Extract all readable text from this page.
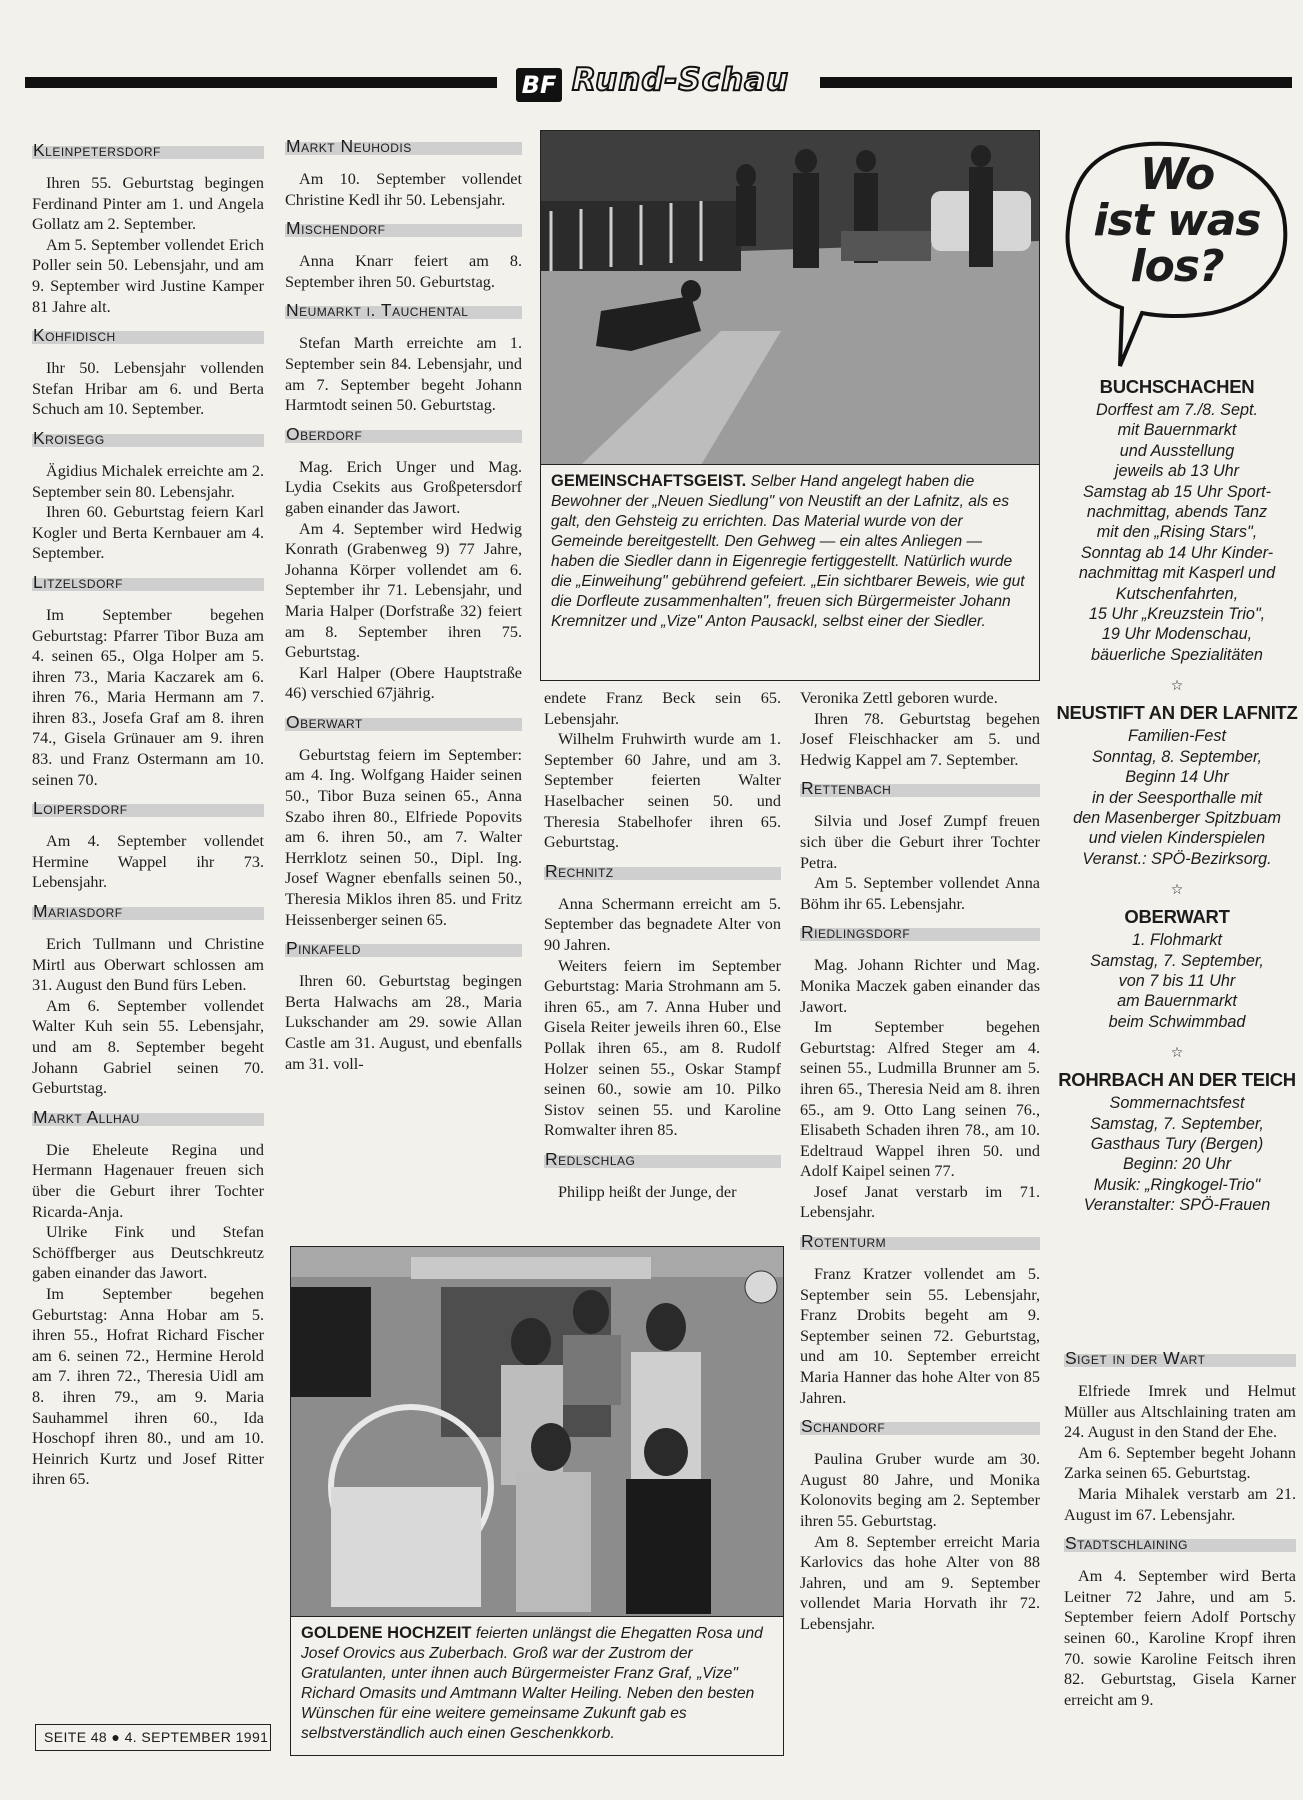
BF Rund-Schau
Kleinpetersdorf

Ihren 55. Geburtstag begingen Ferdinand Pinter am 1. und Angela Gollatz am 2. September.

Am 5. September vollendet Erich Poller sein 50. Lebensjahr, und am 9. September wird Justine Kamper 81 Jahre alt.

Kohfidisch

Ihr 50. Lebensjahr vollenden Stefan Hribar am 6. und Berta Schuch am 10. September.

Kroisegg

Ägidius Michalek erreichte am 2. September sein 80. Lebensjahr.

Ihren 60. Geburtstag feiern Karl Kogler und Berta Kernbauer am 4. September.

Litzelsdorf

Im September begehen Geburtstag: Pfarrer Tibor Buza am 4. seinen 65., Olga Holper am 5. ihren 73., Maria Kaczarek am 6. ihren 76., Maria Hermann am 7. ihren 83., Josefa Graf am 8. ihren 74., Gisela Grünauer am 9. ihren 83. und Franz Ostermann am 10. seinen 70.

Loipersdorf

Am 4. September vollendet Hermine Wappel ihr 73. Lebensjahr.

Mariasdorf

Erich Tullmann und Christine Mirtl aus Oberwart schlossen am 31. August den Bund fürs Leben.

Am 6. September vollendet Walter Kuh sein 55. Lebensjahr, und am 8. September begeht Johann Gabriel seinen 70. Geburtstag.

Markt Allhau

Die Eheleute Regina und Hermann Hagenauer freuen sich über die Geburt ihrer Tochter Ricarda-Anja.

Ulrike Fink und Stefan Schöffberger aus Deutschkreutz gaben einander das Jawort.

Im September begehen Geburtstag: Anna Hobar am 5. ihren 55., Hofrat Richard Fischer am 6. seinen 72., Hermine Herold am 7. ihren 72., Theresia Uidl am 8. ihren 79., am 9. Maria Sauhammel ihren 60., Ida Hoschopf ihren 80., und am 10. Heinrich Kurtz und Josef Ritter ihren 65.

Markt Neuhodis

Am 10. September vollendet Christine Kedl ihr 50. Lebensjahr.

Mischendorf

Anna Knarr feiert am 8. September ihren 50. Geburtstag.

Neumarkt i. Tauchental

Stefan Marth erreichte am 1. September sein 84. Lebensjahr, und am 7. September begeht Johann Harmtodt seinen 50. Geburtstag.

Oberdorf

Mag. Erich Unger und Mag. Lydia Csekits aus Großpetersdorf gaben einander das Jawort.

Am 4. September wird Hedwig Konrath (Grabenweg 9) 77 Jahre, Johanna Körper vollendet am 6. September ihr 71. Lebensjahr, und Maria Halper (Dorfstraße 32) feiert am 8. September ihren 75. Geburtstag.

Karl Halper (Obere Hauptstraße 46) verschied 67jährig.

Oberwart

Geburtstag feiern im September: am 4. Ing. Wolfgang Haider seinen 50., Tibor Buza seinen 65., Anna Szabo ihren 80., Elfriede Popovits am 6. ihren 50., am 7. Walter Herrklotz seinen 50., Dipl. Ing. Josef Wagner ebenfalls seinen 50., Theresia Miklos ihren 85. und Fritz Heissenberger seinen 65.

Pinkafeld

Ihren 60. Geburtstag begingen Berta Halwachs am 28., Maria Lukschander am 29. sowie Allan Castle am 31. August, und ebenfalls am 31. voll-

endete Franz Beck sein 65. Lebensjahr.

Wilhelm Fruhwirth wurde am 1. September 60 Jahre, und am 3. September feierten Walter Haselbacher seinen 50. und Theresia Stabelhofer ihren 65. Geburtstag.

Rechnitz

Anna Schermann erreicht am 5. September das begnadete Alter von 90 Jahren.

Weiters feiern im September Geburtstag: Maria Strohmann am 5. ihren 65., am 7. Anna Huber und Gisela Reiter jeweils ihren 60., Else Pollak ihren 65., am 8. Rudolf Holzer seinen 55., Oskar Stampf seinen 60., sowie am 10. Pilko Sistov seinen 55. und Karoline Romwalter ihren 85.

Redlschlag

Philipp heißt der Junge, der

Veronika Zettl geboren wurde.

Ihren 78. Geburtstag begehen Josef Fleischhacker am 5. und Hedwig Kappel am 7. September.

Rettenbach

Silvia und Josef Zumpf freuen sich über die Geburt ihrer Tochter Petra.

Am 5. September vollendet Anna Böhm ihr 65. Lebensjahr.

Riedlingsdorf

Mag. Johann Richter und Mag. Monika Maczek gaben einander das Jawort.

Im September begehen Geburtstag: Alfred Steger am 4. seinen 55., Ludmilla Brunner am 5. ihren 65., Theresia Neid am 8. ihren 65., am 9. Otto Lang seinen 76., Elisabeth Schaden ihren 78., am 10. Edeltraud Wappel ihren 50. und Adolf Kaipel seinen 77.

Josef Janat verstarb im 71. Lebensjahr.

Rotenturm

Franz Kratzer vollendet am 5. September sein 55. Lebensjahr, Franz Drobits begeht am 9. September seinen 72. Geburtstag, und am 10. September erreicht Maria Hanner das hohe Alter von 85 Jahren.

Schandorf

Paulina Gruber wurde am 30. August 80 Jahre, und Monika Kolonovits beging am 2. September ihren 55. Geburtstag.

Am 8. September erreicht Maria Karlovics das hohe Alter von 88 Jahren, und am 9. September vollendet Maria Horvath ihr 72. Lebensjahr.

Siget in der Wart

Elfriede Imrek und Helmut Müller aus Altschlaining traten am 24. August in den Stand der Ehe.

Am 6. September begeht Johann Zarka seinen 65. Geburtstag.

Maria Mihalek verstarb am 21. August im 67. Lebensjahr.

Stadtschlaining

Am 4. September wird Berta Leitner 72 Jahre, und am 5. September feiern Adolf Portschy seinen 60., Karoline Kropf ihren 70. sowie Karoline Feitsch ihren 82. Geburtstag, Gisela Karner erreicht am 9.

GEMEINSCHAFTSGEIST. Selber Hand angelegt haben die Bewohner der „Neuen Siedlung" von Neustift an der Lafnitz, als es galt, den Gehsteig zu errichten. Das Material wurde von der Gemeinde bereitgestellt. Den Gehweg — ein altes Anliegen — haben die Siedler dann in Eigenregie fertiggestellt. Natürlich wurde die „Einweihung" gebührend gefeiert. „Ein sichtbarer Beweis, wie gut die Dorfleute zusammenhalten", freuen sich Bürgermeister Johann Kremnitzer und „Vize" Anton Pausackl, selbst einer der Siedler.
GOLDENE HOCHZEIT feierten unlängst die Ehegatten Rosa und Josef Orovics aus Zuberbach. Groß war der Zustrom der Gratulanten, unter ihnen auch Bürgermeister Franz Graf, „Vize" Richard Omasits und Amtmann Walter Heiling. Neben den besten Wünschen für eine weitere gemeinsame Zukunft gab es selbstverständlich auch einen Geschenkkorb.
Wo
ist was
los?
BUCHSCHACHEN
Dorffest am 7./8. Sept.
mit Bauernmarkt
und Ausstellung
jeweils ab 13 Uhr
Samstag ab 15 Uhr Sport-
nachmittag, abends Tanz
mit den „Rising Stars",
Sonntag ab 14 Uhr Kinder-
nachmittag mit Kasperl und
Kutschenfahrten,
15 Uhr „Kreuzstein Trio",
19 Uhr Modenschau,
bäuerliche Spezialitäten
☆
NEUSTIFT AN DER LAFNITZ
Familien-Fest
Sonntag, 8. September,
Beginn 14 Uhr
in der Seesporthalle mit
den Masenberger Spitzbuam
und vielen Kinderspielen
Veranst.: SPÖ-Bezirksorg.
☆
OBERWART
1. Flohmarkt
Samstag, 7. September,
von 7 bis 11 Uhr
am Bauernmarkt
beim Schwimmbad
☆
ROHRBACH AN DER TEICH
Sommernachtsfest
Samstag, 7. September,
Gasthaus Tury (Bergen)
Beginn: 20 Uhr
Musik: „Ringkogel-Trio"
Veranstalter: SPÖ-Frauen
SEITE 48 ● 4. SEPTEMBER 1991
